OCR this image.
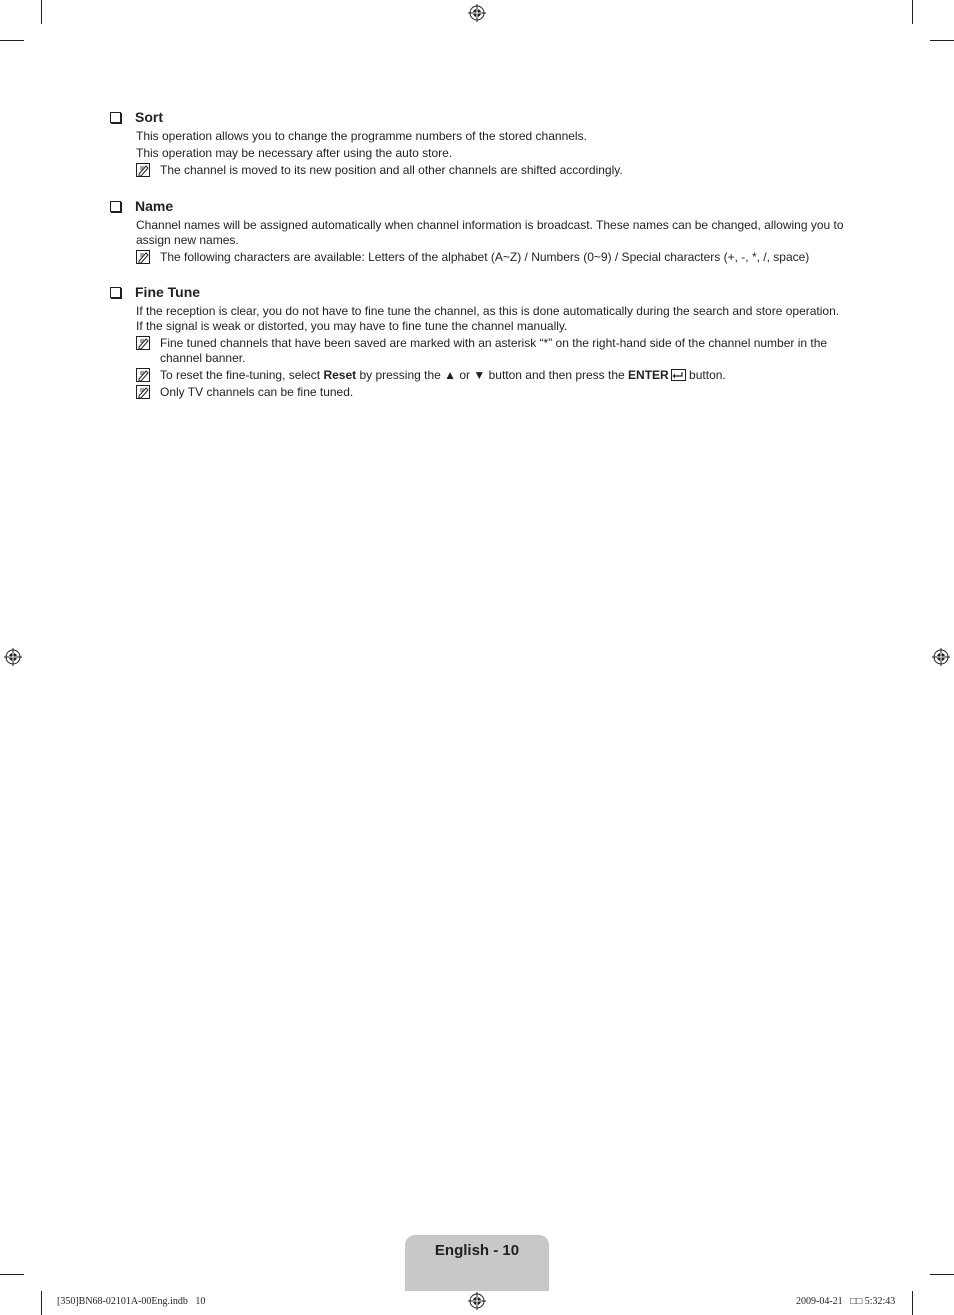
Sort
This operation allows you to change the programme numbers of the stored channels.
This operation may be necessary after using the auto store.
The channel is moved to its new position and all other channels are shifted accordingly.
Name
Channel names will be assigned automatically when channel information is broadcast. These names can be changed, allowing you to assign new names.
The following characters are available: Letters of the alphabet (A~Z) / Numbers (0~9) / Special characters (+, -, *, /, space)
Fine Tune
If the reception is clear, you do not have to fine tune the channel, as this is done automatically during the search and store operation. If the signal is weak or distorted, you may have to fine tune the channel manually.
Fine tuned channels that have been saved are marked with an asterisk “*” on the right-hand side of the channel number in the channel banner.
To reset the fine-tuning, select Reset by pressing the ▲ or ▼ button and then press the ENTER button.
Only TV channels can be fine tuned.
English - 10
[350]BN68-02101A-00Eng.indb   10	2009-04-21   □□ 5:32:43
